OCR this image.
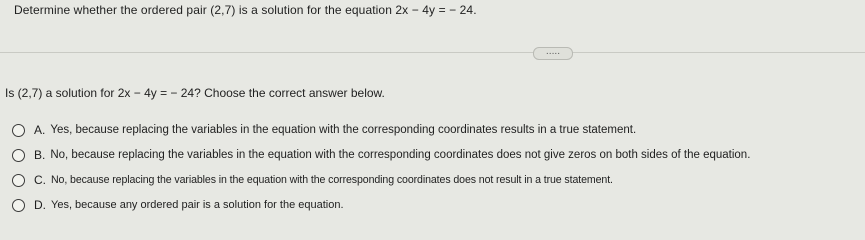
Determine whether the ordered pair (2,7) is a solution for the equation 2x − 4y = − 24.
.....
Is (2,7) a solution for 2x − 4y = − 24? Choose the correct answer below.
A. Yes, because replacing the variables in the equation with the corresponding coordinates results in a true statement.
B. No, because replacing the variables in the equation with the corresponding coordinates does not give zeros on both sides of the equation.
C. No, because replacing the variables in the equation with the corresponding coordinates does not result in a true statement.
D. Yes, because any ordered pair is a solution for the equation.
